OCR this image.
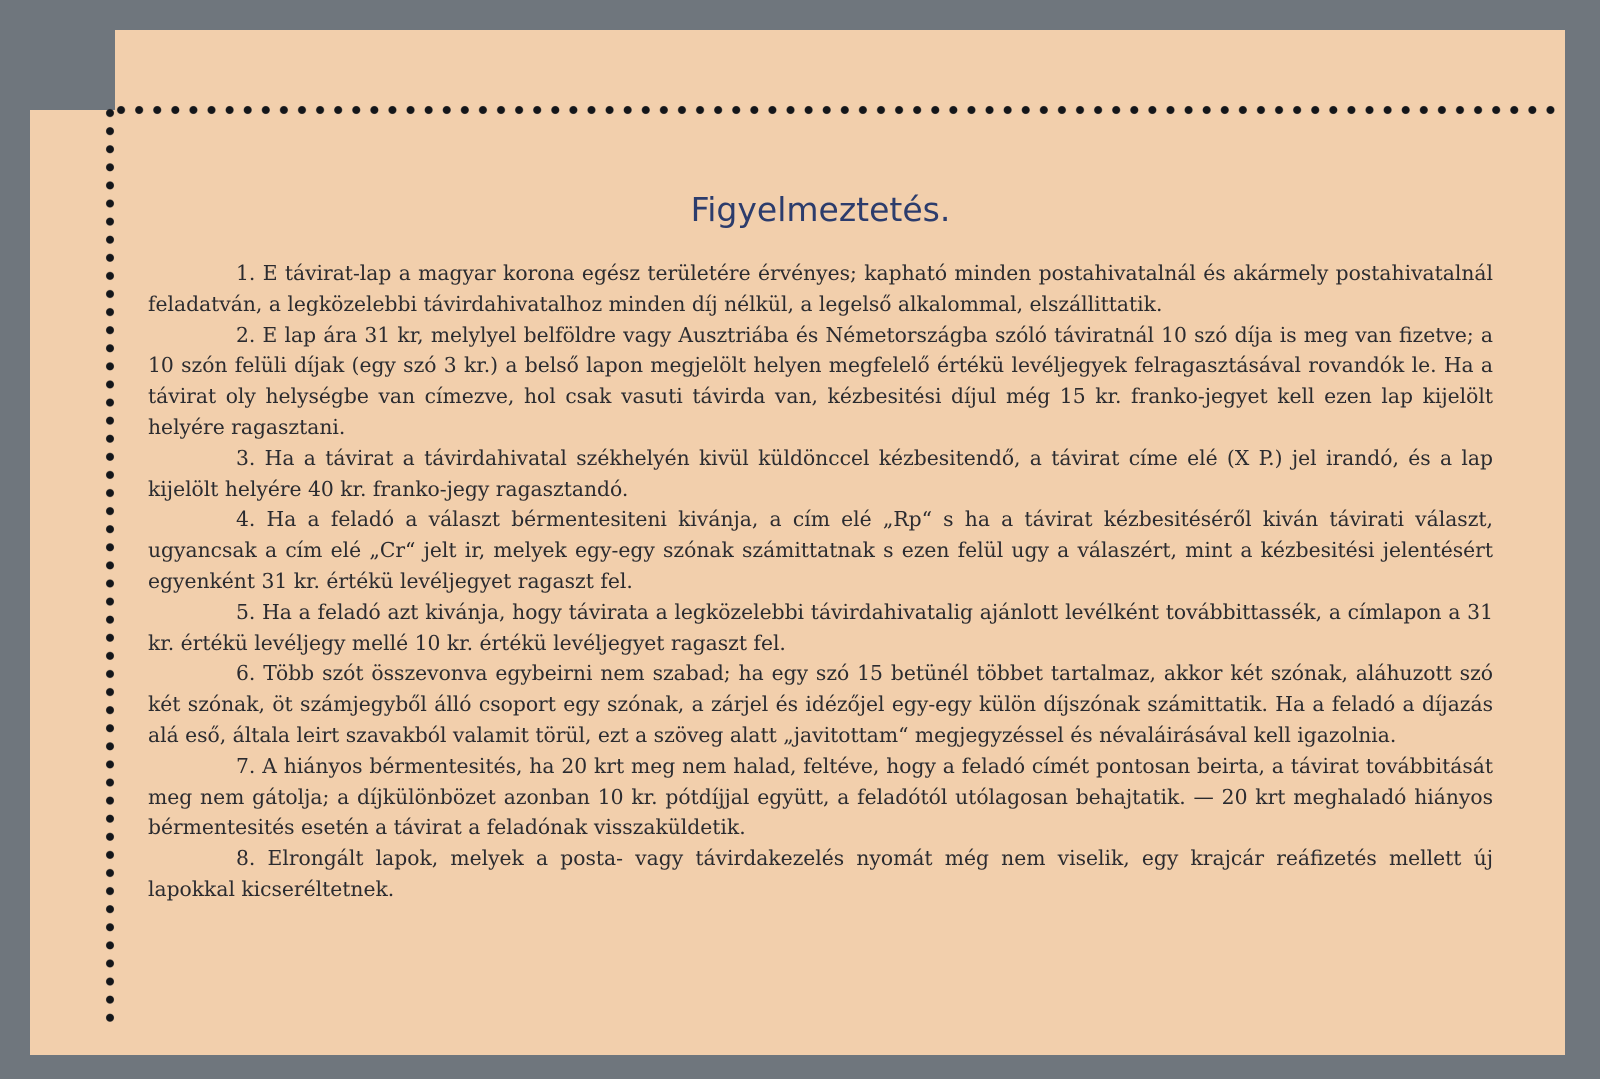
Figyelmeztetés.

1. E távirat-lap a magyar korona egész területére érvényes; kapható minden postahivatalnál és akármely postahivatalnál feladatván, a legközelebbi távirdahivatalhoz minden díj nélkül, a legelső alkalommal, elszállittatik.

2. E lap ára 31 kr, melylyel belföldre vagy Ausztriába és Németországba szóló táviratnál 10 szó díja is meg van fizetve; a 10 szón felüli díjak (egy szó 3 kr.) a belső lapon megjelölt helyen megfelelő értékü levéljegyek felragasztásával rovandók le. Ha a távirat oly helységbe van címezve, hol csak vasuti távirda van, kézbesitési díjul még 15 kr. franko-jegyet kell ezen lap kijelölt helyére ragasztani.

3. Ha a távirat a távirdahivatal székhelyén kivül küldönccel kézbesitendő, a távirat címe elé (X P.) jel irandó, és a lap kijelölt helyére 40 kr. franko-jegy ragasztandó.

4. Ha a feladó a választ bérmentesiteni kivánja, a cím elé „Rp“ s ha a távirat kézbesitéséről kiván távirati választ, ugyancsak a cím elé „Cr“ jelt ir, melyek egy-egy szónak számittatnak s ezen felül ugy a válaszért, mint a kézbesitési jelentésért egyenként 31 kr. értékü levéljegyet ragaszt fel.

5. Ha a feladó azt kivánja, hogy távirata a legközelebbi távirdahivatalig ajánlott levélként továbbittassék, a címlapon a 31 kr. értékü levéljegy mellé 10 kr. értékü levéljegyet ragaszt fel.

6. Több szót összevonva egybeirni nem szabad; ha egy szó 15 betünél többet tartalmaz, akkor két szónak, aláhuzott szó két szónak, öt számjegyből álló csoport egy szónak, a zárjel és idézőjel egy-egy külön díjszónak számittatik. Ha a feladó a díjazás alá eső, általa leirt szavakból valamit törül, ezt a szöveg alatt „javitottam“ megjegyzéssel és névaláirásával kell igazolnia.

7. A hiányos bérmentesités, ha 20 krt meg nem halad, feltéve, hogy a feladó címét pontosan beirta, a távirat továbbitását meg nem gátolja; a díjkülönbözet azonban 10 kr. pótdíjjal együtt, a feladótól utólagosan behajtatik. — 20 krt meghaladó hiányos bérmentesités esetén a távirat a feladónak visszaküldetik.

8. Elrongált lapok, melyek a posta- vagy távirdakezelés nyomát még nem viselik, egy krajcár reáfizetés mellett új lapokkal kicseréltetnek.
